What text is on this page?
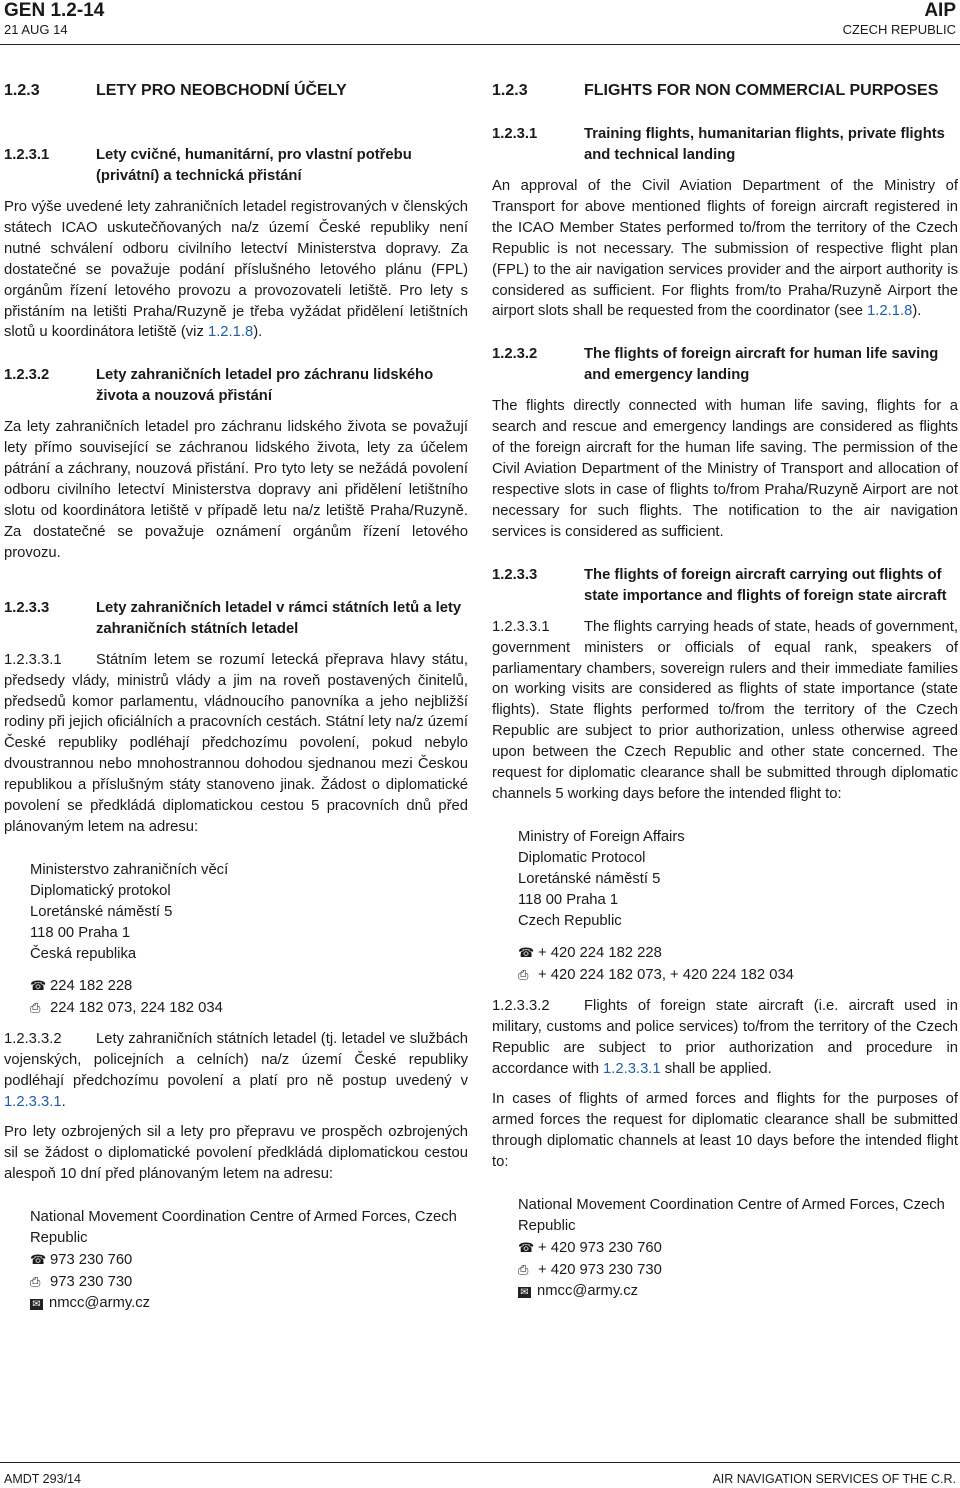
GEN 1.2-14
21 AUG 14
AIP
CZECH REPUBLIC
1.2.3	LETY PRO NEOBCHODNÍ ÚČELY
1.2.3.1	Lety cvičné, humanitární, pro vlastní potřebu (privátní) a technická přistání

Pro výše uvedené lety zahraničních letadel registrovaných v členských státech ICAO uskutečňovaných na/z území České republiky není nutné schválení odboru civilního letectví Ministerstva dopravy. Za dostatečné se považuje podání příslušného letového plánu (FPL) orgánům řízení letového provozu a provozovateli letiště. Pro lety s přistáním na letišti Praha/Ruzyně je třeba vyžádat přidělení letištních slotů u koordinátora letiště (viz 1.2.1.8).

1.2.3.2	Lety zahraničních letadel pro záchranu lidského života a nouzová přistání

Za lety zahraničních letadel pro záchranu lidského života se považují lety přímo související se záchranou lidského života, lety za účelem pátrání a záchrany, nouzová přistání. Pro tyto lety se nežádá povolení odboru civilního letectví Ministerstva dopravy ani přidělení letištního slotu od koordinátora letiště v případě letu na/z letiště Praha/Ruzyně. Za dostatečné se považuje oznámení orgánům řízení letového provozu.

1.2.3.3	Lety zahraničních letadel v rámci státních letů a lety zahraničních státních letadel

1.2.3.3.1 Státním letem se rozumí letecká přeprava hlavy státu, předsedy vlády, ministrů vlády a jim na roveň postavených činitelů, předsedů komor parlamentu, vládnoucího panovníka a jeho nejbližší rodiny při jejich oficiálních a pracovních cestách. Státní lety na/z území České republiky podléhají předchozímu povolení, pokud nebylo dvoustrannou nebo mnohostrannou dohodou sjednanou mezi Českou republikou a příslušným státy stanoveno jinak. Žádost o diplomatické povolení se předkládá diplomatickou cestou 5 pracovních dnů před plánovaným letem na adresu:

Ministerstvo zahraničních věcí
Diplomatický protokol
Loretánské náměstí 5
118 00 Praha 1
Česká republika
☎ 224 182 228
⎙ 224 182 073, 224 182 034

1.2.3.3.2 Lety zahraničních státních letadel (tj. letadel ve službách vojenských, policejních a celních) na/z území České republiky podléhají předchozímu povolení a platí pro ně postup uvedený v 1.2.3.3.1.

Pro lety ozbrojených sil a lety pro přepravu ve prospěch ozbrojených sil se žádost o diplomatické povolení předkládá diplomatickou cestou alespoň 10 dní před plánovaným letem na adresu:

National Movement Coordination Centre of Armed Forces, Czech Republic
☎ 973 230 760
⎙ 973 230 730
✉ nmcc@army.cz
1.2.3	FLIGHTS FOR NON COMMERCIAL PURPOSES
1.2.3.1	Training flights, humanitarian flights, private flights and technical landing

An approval of the Civil Aviation Department of the Ministry of Transport for above mentioned flights of foreign aircraft registered in the ICAO Member States performed to/from the territory of the Czech Republic is not necessary. The submission of respective flight plan (FPL) to the air navigation services provider and the airport authority is considered as sufficient. For flights from/to Praha/Ruzyně Airport the airport slots shall be requested from the coordinator (see 1.2.1.8).

1.2.3.2	The flights of foreign aircraft for human life saving and emergency landing

The flights directly connected with human life saving, flights for a search and rescue and emergency landings are considered as flights of the foreign aircraft for the human life saving. The permission of the Civil Aviation Department of the Ministry of Transport and allocation of respective slots in case of flights to/from Praha/Ruzyně Airport are not necessary for such flights. The notification to the air navigation services is considered as sufficient.

1.2.3.3	The flights of foreign aircraft carrying out flights of state importance and flights of foreign state aircraft

1.2.3.3.1 The flights carrying heads of state, heads of government, government ministers or officials of equal rank, speakers of parliamentary chambers, sovereign rulers and their immediate families on working visits are considered as flights of state importance (state flights). State flights performed to/from the territory of the Czech Republic are subject to prior authorization, unless otherwise agreed upon between the Czech Republic and other state concerned. The request for diplomatic clearance shall be submitted through diplomatic channels 5 working days before the intended flight to:

Ministry of Foreign Affairs
Diplomatic Protocol
Loretánské náměstí 5
118 00 Praha 1
Czech Republic
☎ + 420 224 182 228
⎙ + 420 224 182 073, + 420 224 182 034

1.2.3.3.2 Flights of foreign state aircraft (i.e. aircraft used in military, customs and police services) to/from the territory of the Czech Republic are subject to prior authorization and procedure in accordance with 1.2.3.3.1 shall be applied.

In cases of flights of armed forces and flights for the purposes of armed forces the request for diplomatic clearance shall be submitted through diplomatic channels at least 10 days before the intended flight to:

National Movement Coordination Centre of Armed Forces, Czech Republic
☎ + 420 973 230 760
⎙ + 420 973 230 730
✉ nmcc@army.cz
AMDT 293/14	AIR NAVIGATION SERVICES OF THE C.R.
